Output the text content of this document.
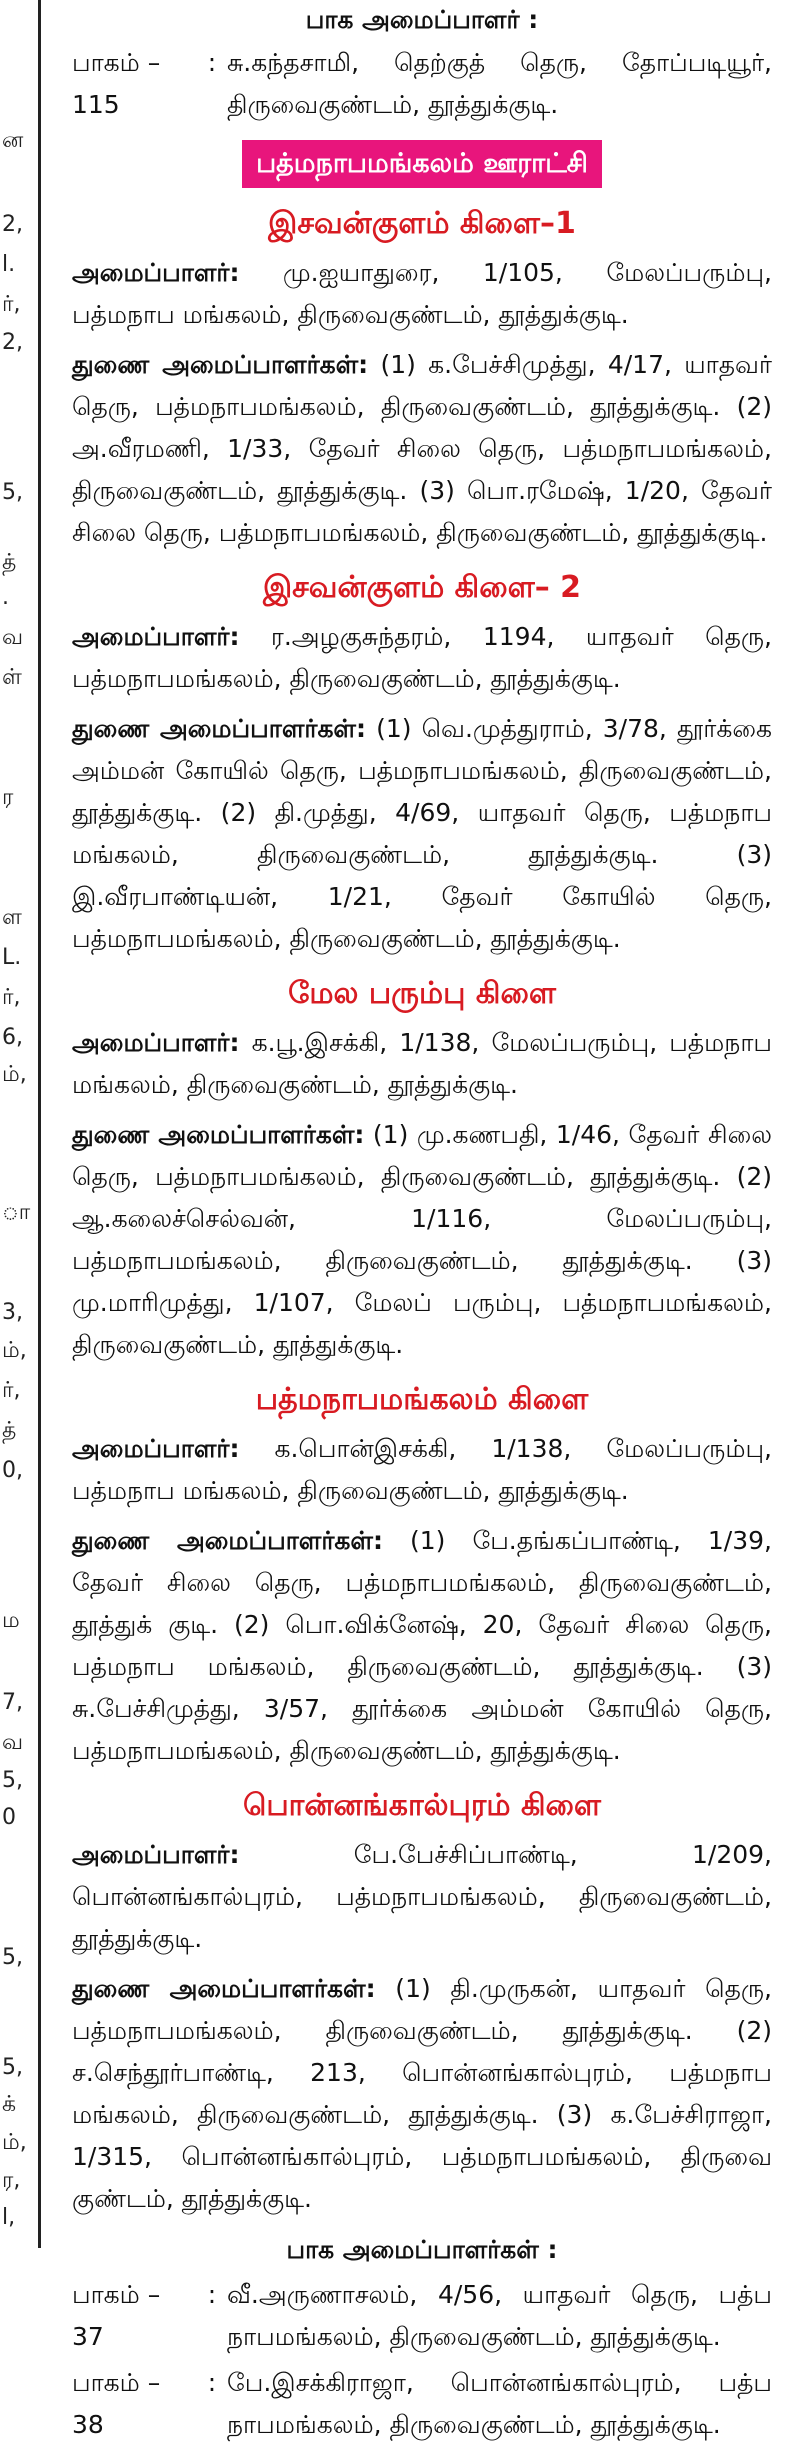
ன
2,
l.
ர்,
2,
5,
த்
.
வ
ள்
ர
ள
L.
ர்,
6,
ம்,
ா
3,
ம்,
ர்,
த்
0,
ம
7,
வ
5,
0
5,
5,
க்
ம்,
ர,
l,
பாக அமைப்பாளர் :
பாகம் – 115
: சு.கந்தசாமி, தெற்குத் தெரு, தோப்படியூர், திருவைகுண்டம், தூத்துக்குடி.
பத்மநாபமங்கலம் ஊராட்சி
இசவன்குளம் கிளை–1
அமைப்பாளர்: மு.ஐயாதுரை, 1/105, மேலப்பரும்பு, பத்மநாப மங்கலம், திருவைகுண்டம், தூத்துக்குடி.
துணை அமைப்பாளர்கள்: (1) க.பேச்சிமுத்து, 4/17, யாதவர் தெரு, பத்மநாபமங்கலம், திருவைகுண்டம், தூத்துக்குடி. (2) அ.வீரமணி, 1/33, தேவர் சிலை தெரு, பத்மநாபமங்கலம், திருவைகுண்டம், தூத்துக்குடி. (3) பொ.ரமேஷ், 1/20, தேவர் சிலை தெரு, பத்மநாபமங்கலம், திருவைகுண்டம், தூத்துக்குடி.
இசவன்குளம் கிளை– 2
அமைப்பாளர்: ர.அழகுசுந்தரம், 1194, யாதவர் தெரு, பத்மநாபமங்கலம், திருவைகுண்டம், தூத்துக்குடி.
துணை அமைப்பாளர்கள்: (1) வெ.முத்துராம், 3/78, தூர்க்கை அம்மன் கோயில் தெரு, பத்மநாபமங்கலம், திருவைகுண்டம், தூத்துக்குடி. (2) தி.முத்து, 4/69, யாதவர் தெரு, பத்மநாப மங்கலம், திருவைகுண்டம், தூத்துக்குடி. (3) இ.வீரபாண்டியன், 1/21, தேவர் கோயில் தெரு, பத்மநாபமங்கலம், திருவைகுண்டம், தூத்துக்குடி.
மேல பரும்பு கிளை
அமைப்பாளர்: க.பூ.இசக்கி, 1/138, மேலப்பரும்பு, பத்மநாப மங்கலம், திருவைகுண்டம், தூத்துக்குடி.
துணை அமைப்பாளர்கள்: (1) மு.கணபதி, 1/46, தேவர் சிலை தெரு, பத்மநாபமங்கலம், திருவைகுண்டம், தூத்துக்குடி. (2) ஆ.கலைச்செல்வன், 1/116, மேலப்பரும்பு, பத்மநாபமங்கலம், திருவைகுண்டம், தூத்துக்குடி. (3) மு.மாரிமுத்து, 1/107, மேலப் பரும்பு, பத்மநாபமங்கலம், திருவைகுண்டம், தூத்துக்குடி.
பத்மநாபமங்கலம் கிளை
அமைப்பாளர்: க.பொன்இசக்கி, 1/138, மேலப்பரும்பு, பத்மநாப மங்கலம், திருவைகுண்டம், தூத்துக்குடி.
துணை அமைப்பாளர்கள்: (1) பே.தங்கப்பாண்டி, 1/39, தேவர் சிலை தெரு, பத்மநாபமங்கலம், திருவைகுண்டம், தூத்துக் குடி. (2) பொ.விக்னேஷ், 20, தேவர் சிலை தெரு, பத்மநாப மங்கலம், திருவைகுண்டம், தூத்துக்குடி. (3) சு.பேச்சிமுத்து, 3/57, தூர்க்கை அம்மன் கோயில் தெரு, பத்மநாபமங்கலம், திருவைகுண்டம், தூத்துக்குடி.
பொன்னங்கால்புரம் கிளை
அமைப்பாளர்: பே.பேச்சிப்பாண்டி, 1/209, பொன்னங்கால்புரம், பத்மநாபமங்கலம், திருவைகுண்டம், தூத்துக்குடி.
துணை அமைப்பாளர்கள்: (1) தி.முருகன், யாதவர் தெரு, பத்மநாபமங்கலம், திருவைகுண்டம், தூத்துக்குடி. (2) ச.செந்தூர்பாண்டி, 213, பொன்னங்கால்புரம், பத்மநாப மங்கலம், திருவைகுண்டம், தூத்துக்குடி. (3) க.பேச்சிராஜா, 1/315, பொன்னங்கால்புரம், பத்மநாபமங்கலம், திருவை குண்டம், தூத்துக்குடி.
பாக அமைப்பாளர்கள் :
பாகம் – 37
: வீ.அருணாசலம், 4/56, யாதவர் தெரு, பத்ப நாபமங்கலம், திருவைகுண்டம், தூத்துக்குடி.
பாகம் – 38
: பே.இசக்கிராஜா, பொன்னங்கால்புரம், பத்ப நாபமங்கலம், திருவைகுண்டம், தூத்துக்குடி.
